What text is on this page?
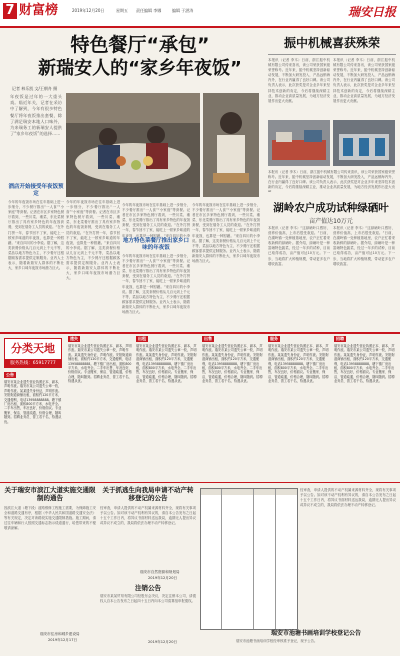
7 财富榜	2019年12月20日	星期五 责任编辑 李娜	编辑 于湛涛	瑞安日报
特色餐厅“承包”
新瑞安人的“家乡年夜饭”
记者 林乐凯 文/王朝舟 摄
年夜饭是过年的一大重头戏。临近年关，记者在采访中了解到，今年有很多特色餐厅将年夜饭推出套餐，除了满足瑞安本地人口味外，为来瑞务工的新瑞安人提供了“家乡年夜饭”的选择……
今年的年夜饭市场在往年基础上进一步细分，不少餐厅推出“一人食”“小家庭”等套餐。记者在市区多家特色餐厅看到，一些川菜、湘菜、东北菜餐厅推出了具有家乡特色的年夜饭套餐，受到在瑞务工人员的欢迎。“在外打拼一年，春节回不了家，能吃上一顿家乡味道的年夜饭，也算是一种慰藉。”来自四川的小李
酒店开始接受年夜饭预定
今年的年夜饭市场在往年基础上进一步细分，不少餐厅推出“一人食”“小家庭”等套餐。记者在市区多家特色餐厅看到，一些川菜、湘菜、东北菜餐厅推出了具有家乡特色的年夜饭套餐，受到在瑞务工人员的欢迎。“在外打拼一年，春节回不了家，能吃上一顿家乡味道的年夜饭，也算是一种慰藉。”来自四川的小李说。据了解，这类套餐价格从几百元到上千元不等，菜品以地方特色为主，不少餐厅还根据顾客需求提供定制服务。业内人士表示，随着新瑞安人群体的不断壮大，家乡口味年夜饭市场潜力巨大。
今年的年夜饭市场在往年基础上进一步细分，不少餐厅推出“一人食”“小家庭”等套餐。记者在市区多家特色餐厅看到，一些川菜、湘菜、东北菜餐厅推出了具有家乡特色的年夜饭套餐，受到在瑞务工人员的欢迎。“在外打拼一年，春节回不了家，能吃上一顿家乡味道的年夜饭，也算是一种慰藉。”来自四川的小李说。据了解，这类套餐价格从几百元到上千元不等，菜品以地方特色为主，不少餐厅还根据顾客需求提供定制服务。业内人士表示，随着新瑞安人群体的不断壮大，家乡口味年夜饭市场潜力巨大。
地方特色菜餐厅推出家乡口味的年夜饭
今年的年夜饭市场在往年基础上进一步细分，不少餐厅推出“一人食”“小家庭”等套餐。记者在市区多家特色餐厅看到，一些川菜、湘菜、东北菜餐厅推出了具有家乡特色的年夜饭套餐，受到在瑞务工人员的欢迎。“在外打拼一年，春节回不了家，能吃上一顿家乡味道的年夜饭，也算是一种慰藉。”来自四川的小李说。据了解，这类套餐价格从几百元到上千元不等，菜品以地方特色为主，不少餐厅还根据顾客需求提供定制服务。业内人士表示，随着新瑞安人群体的不断壮大，家乡口味年夜饭市场潜力巨大。
今年的年夜饭市场在往年基础上进一步细分，不少餐厅推出“一人食”“小家庭”等套餐。记者在市区多家特色餐厅看到，一些川菜、湘菜、东北菜餐厅推出了具有家乡特色的年夜饭套餐，受到在瑞务工人员的欢迎。“在外打拼一年，春节回不了家，能吃上一顿家乡味道的年夜饭，也算是一种慰藉。”来自四川的小李说。据了解，这类套餐价格从几百元到上千元不等，菜品以地方特色为主，不少餐厅还根据顾客需求提供定制服务。业内人士表示，随着新瑞安人群体的不断壮大，家乡口味年夜饭市场潜力巨大。
振中机械喜获殊荣
本报讯（记者 李木）日前，浙江振中机械有限公司传来喜讯，该公司荣获国家级荣誉称号。近年来，振中机械坚持创新驱动发展，不断加大研发投入，产品远销海内外，在行业内赢得了良好口碑。该公司负责人表示，此次获奖是对企业多年来坚持技术创新的肯定，今后将继续深耕主业，推动企业高质量发展，为地方经济发展作出更大贡献。
本报讯（记者 李木）日前，浙江振中机械有限公司传来喜讯，该公司荣获国家级荣誉称号。近年来，振中机械坚持创新驱动发展，不断加大研发投入，产品远销海内外，在行业内赢得了良好口碑。该公司负责人表示，此次获奖是对企业多年来坚持技术创新的肯定，今后将继续深耕主业，推动企业高质量发展，为地方经济发展作出更大贡献。
本报讯（记者 李木）日前，浙江振中机械有限公司传来喜讯，该公司荣获国家级荣誉称号。近年来，振中机械坚持创新驱动发展，不断加大研发投入，产品远销海内外，在行业内赢得了良好口碑。该公司负责人表示，此次获奖是对企业多年来坚持技术创新的肯定，今后将继续深耕主业，推动企业高质量发展，为地方经济发展作出更大贡
湖岭农户成功试种绿硒叶
亩产值达10万元
本报讯（记者 李木）“这绿硒叶口感好、营养价值高，上市后很受欢迎。”日前，在湖岭镇一处种植基地里，农户正忙着采收新鲜的绿硒叶。据介绍，绿硒叶是一种富硒特色蔬菜，经过一年多的试种，目前已取得成功，亩产值可达10万元。下一步，当地将扩大种植规模，带动更多农户增收致富。
本报讯（记者 李木）“这绿硒叶口感好、营养价值高，上市后很受欢迎。”日前，在湖岭镇一处种植基地里，农户正忙着采收新鲜的绿硒叶。据介绍，绿硒叶是一种富硒特色蔬菜，经过一年多的试种，目前已取得成功，亩产值可达10万元。下一步，当地将扩大种植规模，带动更多农户增收致富。
分类天地
服务热线：65917777
公告
瑞安市某企业遗失营业执照正本、副本，声明作废。瑞安市某公司遗失公章一枚，声明作废。某某遗失身份证，声明作废。安阳街道商铺出租，面积约120平方米，交通便利，电话13958888888。塘下镇厂房出租，面积800平方米，水电齐全。二手车出售，车况良好，价格面议。专业搬家、保洁、管道疏通，价格合理，随叫随到。招聘业务员、普工若干名，待遇从优。
遗失
瑞安市某企业遗失营业执照正本、副本，声明作废。瑞安市某公司遗失公章一枚，声明作废。某某遗失身份证，声明作废。安阳街道商铺出租，面积约120平方米，交通便利，电话13958888888。塘下镇厂房出租，面积800平方米，水电齐全。二手车出售，车况良好，价格面议。专业搬家、保洁、管道疏通，价格合理，随叫随到。招聘业务员、普工若干名，待遇从优。
出租
瑞安市某企业遗失营业执照正本、副本，声明作废。瑞安市某公司遗失公章一枚，声明作废。某某遗失身份证，声明作废。安阳街道商铺出租，面积约120平方米，交通便利，电话13958888888。塘下镇厂房出租，面积800平方米，水电齐全。二手车出售，车况良好，价格面议。专业搬家、保洁、管道疏通，价格合理，随叫随到。招聘业务员、普工若干名，待遇从优。
出售
瑞安市某企业遗失营业执照正本、副本，声明作废。瑞安市某公司遗失公章一枚，声明作废。某某遗失身份证，声明作废。安阳街道商铺出租，面积约120平方米，交通便利，电话13958888888。塘下镇厂房出租，面积800平方米，水电齐全。二手车出售，车况良好，价格面议。专业搬家、保洁、管道疏通，价格合理，随叫随到。招聘业务员、普工若干名，待遇从优。
服务
瑞安市某企业遗失营业执照正本、副本，声明作废。瑞安市某公司遗失公章一枚，声明作废。某某遗失身份证，声明作废。安阳街道商铺出租，面积约120平方米，交通便利，电话13958888888。塘下镇厂房出租，面积800平方米，水电齐全。二手车出售，车况良好，价格面议。专业搬家、保洁、管道疏通，价格合理，随叫随到。招聘业务员、普工若干名，待遇从优。
招聘
瑞安市某企业遗失营业执照正本、副本，声明作废。瑞安市某公司遗失公章一枚，声明作废。某某遗失身份证，声明作废。安阳街道商铺出租，面积约120平方米，交通便利，电话13958888888。塘下镇厂房出租，面积800平方米，水电齐全。二手车出售，车况良好，价格面议。专业搬家、保洁、管道疏通，价格合理，随叫随到。招聘业务员、普工若干名，待遇从优。
关于瑞安市滨江大道实施交通限制的通告
因滨江大道（塘下段）道路维修工程施工需要，为保障施工安全和道路交通有序，根据《中华人民共和国道路交通安全法》等有关规定，决定对该路段实施交通限制措施。施工期间，请过往车辆和行人按照交通标志指示绕道通行，给您带来的不便敬请谅解。
瑞安市住房和城乡建设局
2019年12月17日
关于抓逃生向我局申请不动产转移登记的公告
经审查，申请人提供的不动产权属来源材料齐全，现将有关事项予以公告。如对该不动产权利有异议的，请自本公告发布之日起十五个工作日内，将异议书面材料送达我局，逾期无人提出异议或异议不成立的，我局将依法办理不动产转移登记。
瑞安市自然资源和规划局
2019年12月20日
注销公告
瑞安市某某贸易有限公司经股东会决议，决定注销本公司，请债权人自本公告发布之日起四十五日内向本公司清算组申报债权。
2019年12月20日
经审查，申请人提供的不动产权属来源材料齐全，现将有关事项予以公告。如对该不动产权利有异议的，请自本公告发布之日起十五个工作日内，将异议书面材料送达我局，逾期无人提出异议或异议不成立的，我局将依法办理不动产转移登记。
瑞安市池塘书画培训学校登记公告
瑞安市池塘书画培训学校经审核准予登记，现予公告。
